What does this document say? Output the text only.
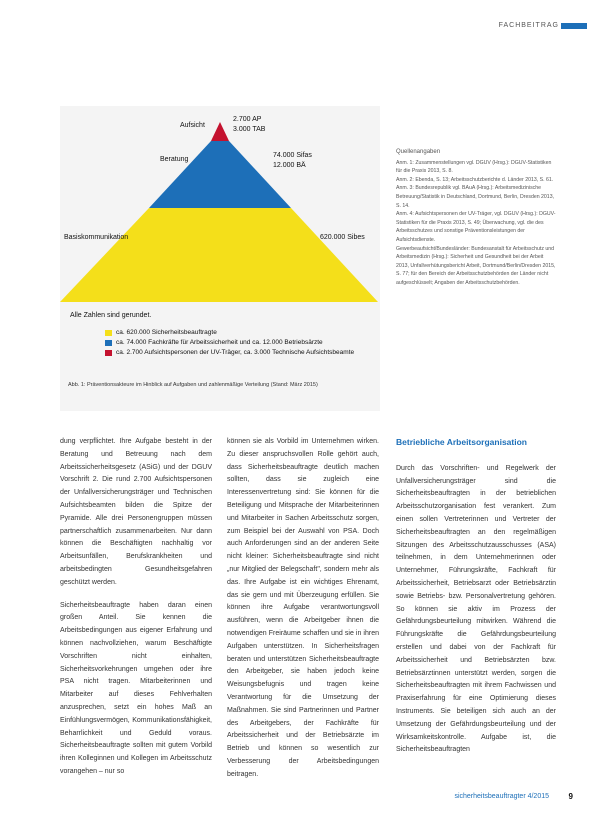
FACHBEITRAG
Aufsicht
2.700 AP
3.000 TAB
Beratung
74.000 Sifas
12.000 BÄ
Basiskommunikation	620.000 Sibes
Alle Zahlen sind gerundet.
ca. 620.000 Sicherheitsbeauftragte
ca. 74.000 Fachkräfte für Arbeitssicherheit und ca. 12.000 Betriebsärzte
ca. 2.700 Aufsichtspersonen der UV-Träger, ca. 3.000 Technische Aufsichtsbeamte
Abb. 1: Präventionsakteure im Hinblick auf Aufgaben und zahlenmäßige Verteilung (Stand: März 2015)
Quellenangaben
Anm. 1: Zusammenstellungen vgl. DGUV (Hrsg.): DGUV-Statistiken für die Praxis 2013, S. 8.
Anm. 2: Ebenda, S. 13; Arbeitsschutzberichte d. Länder 2013, S. 61.
Anm. 3: Bundesrepublik vgl. BAuA (Hrsg.): Arbeitsmedizinische Betreuung/Statistik in Deutschland, Dortmund, Berlin, Dresden 2013, S. 14.
Anm. 4: Aufsichtspersonen der UV-Träger, vgl. DGUV (Hrsg.): DGUV-Statistiken für die Praxis 2013, S. 49; Überwachung, vgl. die des Arbeitsschutzes und sonstige Präventionsleistungen der Aufsichtsdienste.
Gewerbeaufsicht/Bundesländer: Bundesanstalt für Arbeitsschutz und Arbeitsmedizin (Hrsg.): Sicherheit und Gesundheit bei der Arbeit 2013, Unfallverhütungsbericht Arbeit, Dortmund/Berlin/Dresden 2015, S. 77; für den Bereich der Arbeitsschutzbehörden der Länder nicht aufgeschlüsselt; Angaben der Arbeitsschutzbehörden.

dung verpflichtet. Ihre Aufgabe besteht in der Beratung und Betreuung nach dem Arbeitssicherheitsgesetz (ASiG) und der DGUV Vorschrift 2. Die rund 2.700 Aufsichtspersonen der Unfallversicherungsträger und Technischen Aufsichtsbeamten bilden die Spitze der Pyramide. Alle drei Personengruppen müssen partnerschaftlich zusammenarbeiten. Nur dann können die Beschäftigten nachhaltig vor Arbeitsunfällen, Berufskrankheiten und arbeitsbedingten Gesundheitsgefahren geschützt werden.

Sicherheitsbeauftragte haben daran einen großen Anteil. Sie kennen die Arbeitsbedingungen aus eigener Erfahrung und können nachvollziehen, warum Beschäftigte Vorschriften nicht einhalten, Sicherheitsvorkehrungen umgehen oder ihre PSA nicht tragen. Mitarbeiterinnen und Mitarbeiter auf dieses Fehlverhalten anzusprechen, setzt ein hohes Maß an Einfühlungsvermögen, Kommunikationsfähigkeit, Beharrlichkeit und Geduld voraus. Sicherheitsbeauftragte sollten mit gutem Vorbild ihren Kolleginnen und Kollegen im Arbeitsschutz vorangehen – nur so

können sie als Vorbild im Unternehmen wirken. Zu dieser anspruchsvollen Rolle gehört auch, dass Sicherheitsbeauftragte deutlich machen sollten, dass sie zugleich eine Interessenvertretung sind: Sie können für die Beteiligung und Mitsprache der Mitarbeiterinnen und Mitarbeiter in Sachen Arbeitsschutz sorgen, zum Beispiel bei der Auswahl von PSA. Doch auch Anforderungen sind an der anderen Seite nicht kleiner: Sicherheitsbeauftragte sind nicht „nur Mitglied der Belegschaft", sondern mehr als das. Ihre Aufgabe ist ein wichtiges Ehrenamt, das sie gern und mit Überzeugung erfüllen. Sie können ihre Aufgabe verantwortungsvoll ausführen, wenn die Arbeitgeber ihnen die notwendigen Freiräume schaffen und sie in ihren Aufgaben unterstützen. In Sicherheitsfragen beraten und unterstützen Sicherheitsbeauftragte den Arbeitgeber, sie haben jedoch keine Weisungsbefugnis und tragen keine Verantwortung für die Umsetzung der Maßnahmen. Sie sind Partnerinnen und Partner des Arbeitgebers, der Fachkräfte für Arbeitssicherheit und der Betriebsärzte im Betrieb und können so wesentlich zur Verbesserung der Arbeitsbedingungen beitragen.

Betriebliche Arbeitsorganisation

Durch das Vorschriften- und Regelwerk der Unfallversicherungsträger sind die Sicherheitsbeauftragten in der betrieblichen Arbeitsschutzorganisation fest verankert. Zum einen sollen Vertreterinnen und Vertreter der Sicherheitsbeauftragten an den regelmäßigen Sitzungen des Arbeitsschutzausschusses (ASA) teilnehmen, in dem Unternehmerinnen oder Unternehmer, Führungskräfte, Fachkraft für Arbeitssicherheit, Betriebsarzt oder Betriebsärztin sowie Betriebs- bzw. Personalvertretung gehören. So können sie aktiv im Prozess der Gefährdungsbeurteilung mitwirken. Während die Führungskräfte die Gefährdungsbeurteilung erstellen und dabei von der Fachkraft für Arbeitssicherheit und Betriebsärzten bzw. Betriebsärztinnen unterstützt werden, sorgen die Sicherheitsbeauftragten mit ihrem Fachwissen und Praxiserfahrung für eine Optimierung dieses Instruments. Sie beteiligen sich auch an der Umsetzung der Gefährdungsbeurteilung und der Wirksamkeitskontrolle. Aufgabe ist, die Sicherheitsbeauftragten

sicherheitsbeauftragter 4/2015 9
